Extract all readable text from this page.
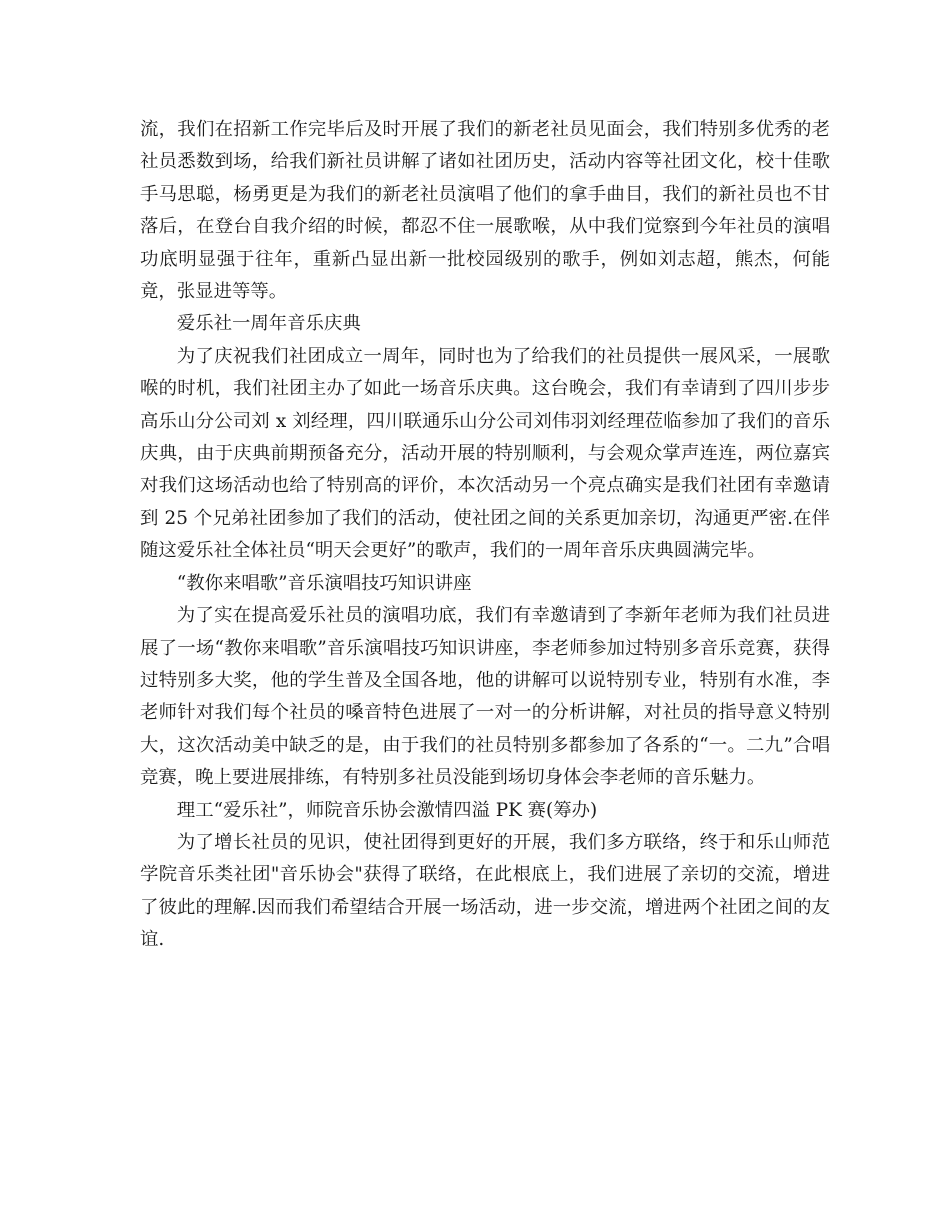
流，我们在招新工作完毕后及时开展了我们的新老社员见面会，我们特别多优秀的老社员悉数到场，给我们新社员讲解了诸如社团历史，活动内容等社团文化，校十佳歌手马思聪，杨勇更是为我们的新老社员演唱了他们的拿手曲目，我们的新社员也不甘落后，在登台自我介绍的时候，都忍不住一展歌喉，从中我们觉察到今年社员的演唱功底明显强于往年，重新凸显出新一批校园级别的歌手，例如刘志超，熊杰，何能竟，张显进等等。

爱乐社一周年音乐庆典

为了庆祝我们社团成立一周年，同时也为了给我们的社员提供一展风采，一展歌喉的时机，我们社团主办了如此一场音乐庆典。这台晚会，我们有幸请到了四川步步高乐山分公司刘 x 刘经理，四川联通乐山分公司刘伟羽刘经理莅临参加了我们的音乐庆典，由于庆典前期预备充分，活动开展的特别顺利，与会观众掌声连连，两位嘉宾对我们这场活动也给了特别高的评价，本次活动另一个亮点确实是我们社团有幸邀请到 25 个兄弟社团参加了我们的活动，使社团之间的关系更加亲切，沟通更严密.在伴随这爱乐社全体社员“明天会更好”的歌声，我们的一周年音乐庆典圆满完毕。

“教你来唱歌”音乐演唱技巧知识讲座

为了实在提高爱乐社员的演唱功底，我们有幸邀请到了李新年老师为我们社员进展了一场“教你来唱歌”音乐演唱技巧知识讲座，李老师参加过特别多音乐竞赛，获得过特别多大奖，他的学生普及全国各地，他的讲解可以说特别专业，特别有水准，李老师针对我们每个社员的嗓音特色进展了一对一的分析讲解，对社员的指导意义特别大，这次活动美中缺乏的是，由于我们的社员特别多都参加了各系的“一。二九”合唱竞赛，晚上要进展排练，有特别多社员没能到场切身体会李老师的音乐魅力。

理工“爱乐社”，师院音乐协会激情四溢 PK 赛(筹办)

为了增长社员的见识，使社团得到更好的开展，我们多方联络，终于和乐山师范学院音乐类社团"音乐协会"获得了联络，在此根底上，我们进展了亲切的交流，增进了彼此的理解.因而我们希望结合开展一场活动，进一步交流，增进两个社团之间的友谊.
